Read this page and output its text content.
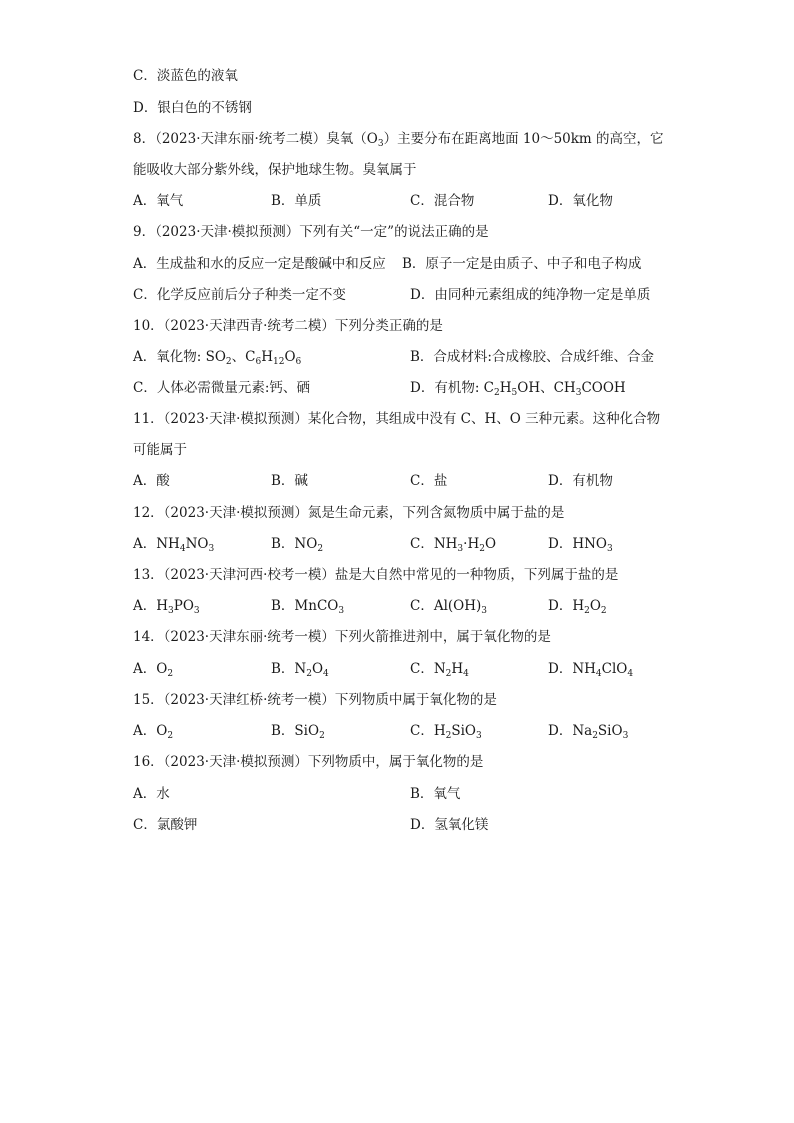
C．淡蓝色的液氧
D．银白色的不锈钢
8．（2023·天津东丽·统考二模）臭氧$(O_3)$主要分布在距离地面 10～50km 的高空，它
能吸收大部分紫外线，保护地球生物。臭氧属于
A．氧气	B．单质	C．混合物	D．氧化物
9．（2023·天津·模拟预测）下列有关“一定”的说法正确的是
A．生成盐和水的反应一定是酸碱中和反应 B．原子一定是由质子、中子和电子构成
C．化学反应前后分子种类一定不变	D．由同种元素组成的纯净物一定是单质
10．（2023·天津西青·统考二模）下列分类正确的是
A．氧化物: $SO_2$、$C_6H_{12}O_6$	B．合成材料:合成橡胶、合成纤维、合金
C．人体必需微量元素:钙、硒	D．有机物: $C_2H_5OH$、$CH_3COOH$
11．（2023·天津·模拟预测）某化合物，其组成中没有 C、H、O 三种元素。这种化合物
可能属于
A．酸	B．碱	C．盐	D．有机物
12．（2023·天津·模拟预测）氮是生命元素，下列含氮物质中属于盐的是
A．$NH_4NO_3$	B．$NO_2$	C．$NH_3\cdot H_2O$	D．$HNO_3$
13．（2023·天津河西·校考一模）盐是大自然中常见的一种物质，下列属于盐的是
A．$H_3PO_3$	B．MnCO$_3$	C．$Al(OH)_3$	D．$H_2O_2$
14．（2023·天津东丽·统考一模）下列火箭推进剂中，属于氧化物的是
A．$O_2$	B．$N_2O_4$	C．$N_2H_4$	D．$NH_4ClO_4$
15．（2023·天津红桥·统考一模）下列物质中属于氧化物的是
A．$O_2$	B．SiO$_2$	C．$H_2SiO_3$	D．$Na_2SiO_3$
16．（2023·天津·模拟预测）下列物质中，属于氧化物的是
A．水	B．氧气
C．氯酸钾	D．氢氧化镁
